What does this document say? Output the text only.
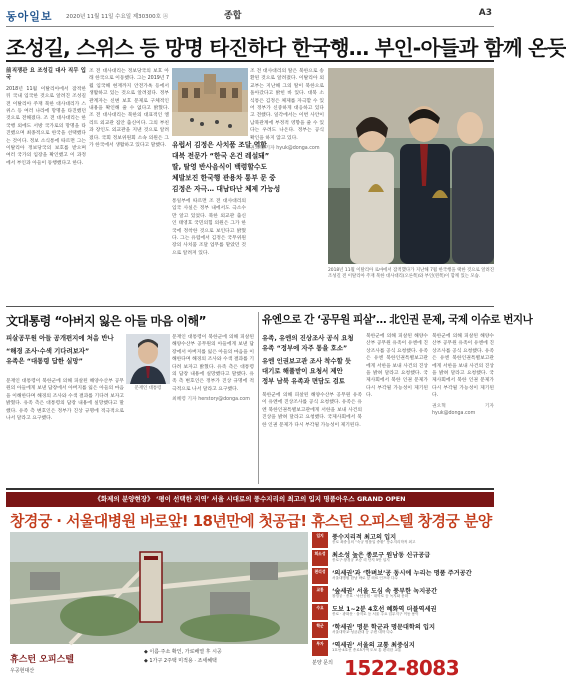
동아일보 2020년 11월 11일 수요일 제30300호 ⓐ	종합	A3
조성길, 스위스 등 망명 타진하다 한국행… 부인-아들과 함께 온듯
前직쟁관 요 조성길 대사 직무 입국
2018년 11월 이탈리아에서 잠적한 뒤 국내 입국한 것으로 알려진 조성길 전 이탈리아 주재 북한 대사대리가 스위스 등 여러 나라에 망명을 타진했던 것으로 전해졌다. 조 전 대사대리는 한국행 외에도 서방 국가로의 망명을 타진했으며 최종적으로 한국을 선택했다는 것이다. 정보 소식통에 따르면 그는 이탈리아 정보당국의 보호를 받으며 여러 국가의 입장을 확인했고 이 과정에서 부인과 아들이 동행했다고 한다.
조 전 대사대리는 정보당국의 보호 아래 한국으로 이동했다. 그는 2019년 7월 입국해 현재까지 안전가옥 등에서 생활하고 있는 것으로 알려졌다. 정부 관계자는 신변 보호 문제로 구체적인 내용을 확인해 줄 수 없다고 밝혔다. 조 전 대사대리는 북한의 대표적인 엘리트 외교관 집안 출신이다. 그의 부친과 장인도 외교관을 지낸 것으로 알려졌다. 국회 정보위원회 소속 의원은 그가 한국에서 생활하고 있다고 말했다. 유럽서 김정은 사치품 조달 역할
대북 전문가 “한국 온건 레설돼”
딸, 탈영 반사음식이 백령할수도
체발보진 한국행 관용차 통부 문 중
김정은 자극… 대남타난 체제 가능성
통일부에 따르면 조 전 대사대리의 입국 사실은 정부 내에서도 극소수만 알고 있었다. 북한 외교관 출신인 태영호 국민의힘 의원은 그가 한국에 정착한 것으로 보인다고 밝혔다. 그는 유럽에서 김정은 국무위원장의 사치품 조달 업무를 맡았던 것으로 알려져 있다.
조 전 대사대리의 딸은 북한으로 송환된 것으로 알려졌다. 이탈리아 외교부는 지난해 그의 딸이 북한으로 돌아갔다고 밝힌 바 있다. 대북 소식통은 김정은 체제를 자극할 수 있어 정부가 신중하게 대응하고 있다고 전했다. 일각에서는 이번 사안이 남북관계에 부정적 영향을 줄 수 있다는 우려도 나온다. 정부는 공식 확인을 하지 않고 있다.
권오혁 기자 hyuk@donga.com
2018년 11월 이탈리아 로마에서 잠적했다가 지난해 7월 한국행을 택한 것으로 알려진 조성길 전 이탈리아 주재 북한 대사대리(오른쪽)와 부인(왼쪽)이 함께 있는 모습.
文대통령 “아버지 잃은 아들 마음 이해”
피살공무원 아들 공개편지에 처음 반나
“해경 조사·수색 기다려보자”
유족은 “대통령 답한 실망”
문재인 대통령
문재인 대통령이 북한군에 의해 피살된 해양수산부 공무원의 아들에게 보낸 답장에서 아버지를 잃은 아들의 마음을 이해한다며 해경의 조사와 수색 결과를 기다려 보자고 밝혔다. 유족 측은 대통령의 답장 내용에 실망했다고 말했다. 유족 측 변호인은 정부가 진상 규명에 적극적으로 나서 달라고 요구했다.
문재인 대통령이 북한군에 의해 피살된 해양수산부 공무원의 아들에게 보낸 답장에서 아버지를 잃은 아들의 마음을 이해한다며 해경의 조사와 수색 결과를 기다려 보자고 밝혔다. 유족 측은 대통령의 답장 내용에 실망했다고 말했다. 유족 측 변호인은 정부가 진상 규명에 적극적으로 나서 달라고 요구했다.
최혜령 기자 herstory@donga.com
유엔으로 간 ‘공무원 피살’… 北인권 문제, 국제 이슈로 번지나
유족, 유엔의 진상조사 공식 요청
유족 “정부에 자주 통을 호소”
유엔 인권보고관 조사 착수할 듯
대기로 해풀받이 요청서 제안
정부 남북 유족과 면담도 검토
북한군에 의해 피살된 해양수산부 공무원 유족이 유엔에 진상조사를 공식 요청했다. 유족은 유엔 북한인권특별보고관에게 서한을 보내 사건의 진상을 밝혀 달라고 요청했다. 국제사회에서 북한 인권 문제가 다시 부각될 가능성이 제기된다.
북한군에 의해 피살된 해양수산부 공무원 유족이 유엔에 진상조사를 공식 요청했다. 유족은 유엔 북한인권특별보고관에게 서한을 보내 사건의 진상을 밝혀 달라고 요청했다. 국제사회에서 북한 인권 문제가 다시 부각될 가능성이 제기된다.
북한군에 의해 피살된 해양수산부 공무원 유족이 유엔에 진상조사를 공식 요청했다. 유족은 유엔 북한인권특별보고관에게 서한을 보내 사건의 진상을 밝혀 달라고 요청했다. 국제사회에서 북한 인권 문제가 다시 부각될 가능성이 제기된다.
권오혁 기자 hyuk@donga.com
《화제의 분양현장》 ‘평이 선택한 지역’ 서울 시대로의 풍수지리의 최고의 입지 명품아우스 GRAND OPEN
창경궁 · 서울대병원 바로앞! 18년만에 첫공급! 휴스턴 오피스텔 창경궁 분양
휴스턴 오피스텔
우공현대산
◆ 이름·주소 확인, 가로배열 후 시공
◆ 1가구 2주택 미적용 · 조세혜택
입지	풍수지리적 최고의 입지
종로 최중심의 “숙궁 명품입 중환” 풍수지리학적 최고
희소성	최소성 높은 종로구 원남동 신규공급
종로구·창경궁 보증 리 단지 5만 입지
편리성	‘의세권’과 ‘한벼보’공 동시에 누리는 명품 주거공간
서울대병원 한남 바로 앞 의료 인프라 다수
교통	‘숲세권’ 서울 도심 속 풍부한 녹지공간
창경궁 · 종묘 · 낙산공원 · 대학로 등 녹지와 문화
수요	도보 1~2분 4호선 혜화역 더블역세권
종로 · 광화문 · 을지로 등 서울 주요 업무지구 이동 용이
학군	‘학세권’ 명문 학군과 명문대학의 입지
서울대학교·성균관대 등 주변 대학 다수
투자	‘역세권’ 서울의 교통 최중심지
1호선·4호선 종로5가역 도보 통 편리한 교통
분양 문의 1522-8083
